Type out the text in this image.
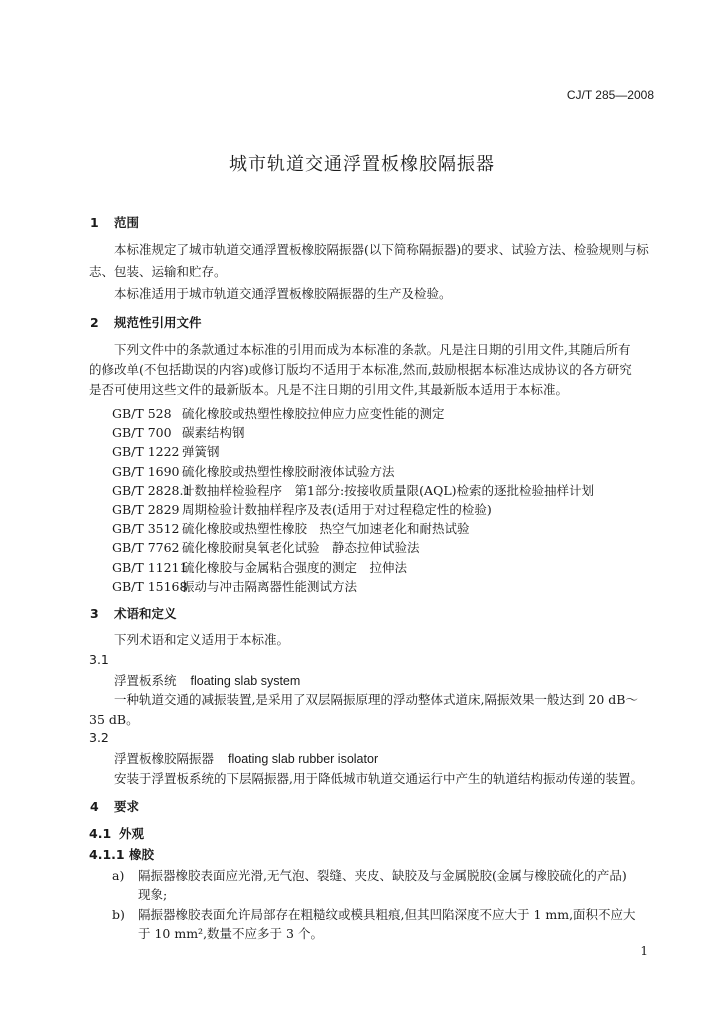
CJ/T 285—2008
城市轨道交通浮置板橡胶隔振器
1 范围
本标准规定了城市轨道交通浮置板橡胶隔振器(以下简称隔振器)的要求、试验方法、检验规则与标
志、包装、运输和贮存。
本标准适用于城市轨道交通浮置板橡胶隔振器的生产及检验。
2 规范性引用文件
下列文件中的条款通过本标准的引用而成为本标准的条款。凡是注日期的引用文件,其随后所有
的修改单(不包括勘误的内容)或修订版均不适用于本标准,然而,鼓励根据本标准达成协议的各方研究
是否可使用这些文件的最新版本。凡是不注日期的引用文件,其最新版本适用于本标准。
GB/T 528 硫化橡胶或热塑性橡胶拉伸应力应变性能的测定
GB/T 700 碳素结构钢
GB/T 1222 弹簧钢
GB/T 1690 硫化橡胶或热塑性橡胶耐液体试验方法
GB/T 2828.1计数抽样检验程序　第1部分:按接收质量限(AQL)检索的逐批检验抽样计划
GB/T 2829 周期检验计数抽样程序及表(适用于对过程稳定性的检验)
GB/T 3512 硫化橡胶或热塑性橡胶　热空气加速老化和耐热试验
GB/T 7762 硫化橡胶耐臭氧老化试验　静态拉伸试验法
GB/T 11211硫化橡胶与金属粘合强度的测定　拉伸法
GB/T 15168振动与冲击隔离器性能测试方法
3 术语和定义
下列术语和定义适用于本标准。
3.1
浮置板系统 floating slab system
一种轨道交通的减振装置,是采用了双层隔振原理的浮动整体式道床,隔振效果一般达到 20 dB～
35 dB。
3.2
浮置板橡胶隔振器 floating slab rubber isolator
安装于浮置板系统的下层隔振器,用于降低城市轨道交通运行中产生的轨道结构振动传递的装置。
4 要求
4.1 外观
4.1.1 橡胶
a) 隔振器橡胶表面应光滑,无气泡、裂缝、夹皮、缺胶及与金属脱胶(金属与橡胶硫化的产品)
现象;
b) 隔振器橡胶表面允许局部存在粗糙纹或模具粗痕,但其凹陷深度不应大于 1 mm,面积不应大
于 10 mm²,数量不应多于 3 个。
1
